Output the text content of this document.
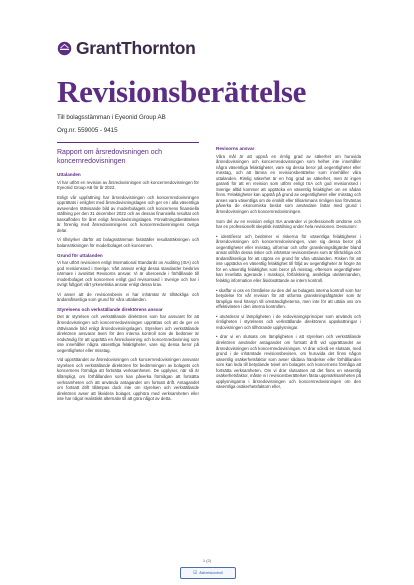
GrantThornton
Revisionsberättelse
Till bolagsstämman i Eyeonid Group AB
Org.nr. 559005 - 9415
Rapport om årsredovisningen och koncernredovisningen
Uttalanden

Vi har utfört en revision av årsredovisningen och koncernredovisningen för Eyeonid Group AB för år 2022.

Enligt vår uppfattning har årsredovisningen och koncernredovisningen upprättats i enlighet med årsredovisningslagen och ger en i alla väsentliga avseenden rättvisande bild av moderbolagets och koncernens finansiella ställning per den 31 december 2022 och av dessas finansiella resultat och kassaflöden för året enligt årsredovisningslagen. Förvaltningsberättelsen är förenlig med årsredovisningens och koncernredovisningens övriga delar.

Vi tillstyrker därför att bolagsstämman fastställer resultaträkningen och balansräkningen för moderbolaget och koncernen.

Grund för uttalanden

Vi har utfört revisionen enligt International Standards on Auditing (ISA) och god revisionssed i Sverige. Vårt ansvar enligt dessa standarder beskrivs närmare i avsnittet Revisorns ansvar. Vi är oberoende i förhållande till moderbolaget och koncernen enligt god revisorssed i Sverige och har i övrigt fullgjort vårt yrkesetiska ansvar enligt dessa krav.

Vi anser att de revisionsbevis vi har inhämtat är tillräckliga och ändamålsenliga som grund för våra uttalanden.

Styrelsens och verkställande direktörens ansvar

Det är styrelsen och verkställande direktören som har ansvaret för att årsredovisningen och koncernredovisningen upprättas och att de ger en rättvisande bild enligt årsredovisningslagen. Styrelsen och verkställande direktören ansvarar även för den interna kontroll som de bedömer är nödvändig för att upprätta en årsredovisning och koncernredovisning som inte innehåller några väsentliga felaktigheter, vare sig dessa beror på oegentligheter eller misstag.

Vid upprättandet av årsredovisningen och koncernredovisningen ansvarar styrelsen och verkställande direktören för bedömningen av bolagets och koncernens förmåga att fortsätta verksamheten. De upplyser, när så är tillämpligt, om förhållanden som kan påverka förmågan att fortsätta verksamheten och att använda antagandet om fortsatt drift. Antagandet om fortsatt drift tillämpas dock inte om styrelsen och verkställande direktören avser att likvidera bolaget, upphöra med verksamheten eller inte har något realistiskt alternativ till att göra något av detta.

Revisorns ansvar

Våra mål är att uppnå en rimlig grad av säkerhet om huruvida årsredovisningen och koncernredovisningen som helhet inte innehåller några väsentliga felaktigheter, vare sig dessa beror på oegentligheter eller misstag, och att lämna en revisionsberättelse som innehåller våra uttalanden. Rimlig säkerhet är en hög grad av säkerhet, men är ingen garanti för att en revision som utförs enligt ISA och god revisionssed i Sverige alltid kommer att upptäcka en väsentlig felaktighet om en sådan finns. Felaktigheter kan uppstå på grund av oegentligheter eller misstag och anses vara väsentliga om de enskilt eller tillsammans rimligen kan förväntas påverka de ekonomiska beslut som användare fattar med grund i årsredovisningen och koncernredovisningen.

Som del av en revision enligt ISA använder vi professionellt omdöme och har en professionellt skeptisk inställning under hela revisionen. Dessutom:

• identifierar och bedömer vi riskerna för väsentliga felaktigheter i årsredovisningen och koncernredovisningen, vare sig dessa beror på oegentligheter eller misstag, utformar och utför granskningsåtgärder bland annat utifrån dessa risker och inhämtar revisionsbevis som är tillräckliga och ändamålsenliga för att utgöra en grund för våra uttalanden. Risken för att inte upptäcka en väsentlig felaktighet till följd av oegentligheter är högre än för en väsentlig felaktighet som beror på misstag, eftersom oegentligheter kan innefatta agerande i maskopi, förfalskning, avsiktliga utelämnanden, felaktig information eller åsidosättande av intern kontroll.

• skaffar vi oss en förståelse av den del av bolagets interna kontroll som har betydelse för vår revision för att utforma granskningsåtgärder som är lämpliga med hänsyn till omständigheterna, men inte för att uttala oss om effektiviteten i den interna kontrollen.

• utvärderar vi lämpligheten i de redovisningsprinciper som används och rimligheten i styrelsens och verkställande direktörens uppskattningar i redovisningen och tillhörande upplysningar.

• drar vi en slutsats om lämpligheten i att styrelsen och verkställande direktören använder antagandet om fortsatt drift vid upprättandet av årsredovisningen och koncernredovisningen. Vi drar också en slutsats, med grund i de inhämtade revisionsbevisen, om huruvida det finns någon väsentlig osäkerhetsfaktor som avser sådana händelser eller förhållanden som kan leda till betydande tvivel om bolagets och koncernens förmåga att fortsätta verksamheten. Om vi drar slutsatsen att det finns en väsentlig osäkerhetsfaktor, måste vi i revisionsberättelsen fästa uppmärksamheten på upplysningarna i årsredovisningen och koncernredovisningen om den väsentliga osäkerhetsfaktorn eller,

1 (2)
☑ Äkthetskontroll
